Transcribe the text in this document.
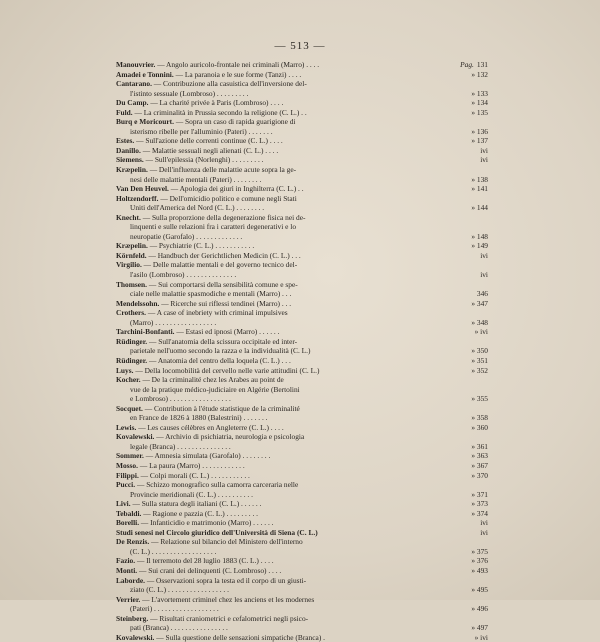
— 513 —
Manouvrier. — Angolo auricolo-frontale nei criminali (Marro) . . . .	Pag. 131
Amadei e Tonnini. — La paranoia e le sue forme (Tanzi) . . . .	» 132
Cantarano. — Contribuzione alla casuistica dell'inversione del-
l'istinto sessuale (Lombroso) . . . . . . . . .	» 133
Du Camp. — La charité privée à Paris (Lombroso) . . . .	» 134
Fuld. — La criminalità in Prussia secondo la religione (C. L.) . .	» 135
Burq e Moricourt. — Sopra un caso di rapida guarigione di
isterismo ribelle per l'alluminio (Pateri) . . . . . . .	» 136
Estes. — Sull'azione delle correnti continue (C. L.) . . . .	» 137
Danillo. — Malattie sessuali negli alienati (C. L.) . . . .	ivi
Siemens. — Sull'epilessia (Norlenghi) . . . . . . . . .	ivi
Kræpelin. — Dell'influenza delle malattie acute sopra la ge-
nesi delle malattie mentali (Pateri) . . . . . . . .	» 138
Van Den Heuvel. — Apologia dei giurì in Inghilterra (C. L.) . .	» 141
Holtzendorff. — Dell'omicidio politico e comune negli Stati
Uniti dell'America del Nord (C. L.) . . . . . . . .	» 144
Knecht. — Sulla proporzione della degenerazione fisica nei de-
linquenti e sulle relazioni fra i caratteri degenerativi e lo
neuropatie (Garofalo) . . . . . . . . . . . . .	» 148
Kræpelin. — Psychiatrie (C. L.) . . . . . . . . . . .	» 149
Körnfeld. — Handbuch der Gerichtlichen Medicin (C. L.) . . .	ivi
Virgilio. — Delle malattie mentali e del governo tecnico del-
l'asilo (Lombroso) . . . . . . . . . . . . . .	ivi
Thomsen. — Sui comportarsi della sensibilità comune e spe-
ciale nelle malattie spasmodiche e mentali (Marro) . . .	346
Mendelssohn. — Ricerche sui riflessi tendinei (Marro) . . .	» 347
Crothers. — A case of inebriety with criminal impulsives
(Marro) . . . . . . . . . . . . . . . . .	» 348
Tarchini-Bonfanti. — Estasi ed ipnosi (Marro) . . . . . .	» ivi
Rüdinger. — Sull'anatomia della scissura occipitale ed inter-
parietale nell'uomo secondo la razza e la individualità (C. L.)	» 350
Rüdinger. — Anatomia del centro della loquela (C. L.) . . .	» 351
Luys. — Della locomobilità del cervello nelle varie attitudini (C. L.)	» 352
Kocher. — De la criminalité chez les Arabes au point de
vue de la pratique médico-judiciaire en Algérie (Bertolini
e Lombroso) . . . . . . . . . . . . . . . . .	» 355
Socquet. — Contribution à l'étude statistique de la criminalité
en France de 1826 à 1880 (Balestrini) . . . . . . .	» 358
Lewis. — Les causes célèbres en Angleterre (C. L.) . . . .	» 360
Kovalewski. — Archivio di psichiatria, neurologia e psicologia
legale (Branca) . . . . . . . . . . . . . . .	» 361
Sommer. — Amnesia simulata (Garofalo) . . . . . . . .	» 363
Mosso. — La paura (Marro) . . . . . . . . . . . .	» 367
Filippi. — Colpi morali (C. L.) . . . . . . . . . . .	» 370
Pucci. — Schizzo monografico sulla camorra carceraria nelle
Provincie meridionali (C. L.) . . . . . . . . . .	» 371
Livi. — Sulla statura degli italiani (C. L.) . . . . . .	» 373
Tebaldi. — Ragione e pazzia (C. L.) . . . . . . . . .	» 374
Borelli. — Infanticidio e matrimonio (Marro) . . . . . .	ivi
Studi senesi nel Circolo giuridico dell'Università di Siena (C. L.)	ivi
De Renzis. — Relazione sul bilancio del Ministero dell'interno
(C. L.) . . . . . . . . . . . . . . . . . .	» 375
Fazio. — Il terremoto del 28 luglio 1883 (C. L.) . . . .	» 376
Monti. — Sui crani dei delinquenti (C. Lombroso) . . . .	» 493
Laborde. — Osservazioni sopra la testa ed il corpo di un giusti-
ziato (C. L.) . . . . . . . . . . . . . . . . .	» 495
Verrier. — L'avortement criminel chez les anciens et les modernes
(Pateri) . . . . . . . . . . . . . . . . . .	» 496
Steinberg. — Risultati craniometrici e cefalometrici negli psico-
pati (Branca) . . . . . . . . . . . . . . . .	» 497
Kovalewski. — Sulla questione delle sensazioni simpatiche (Branca) .	» ivi
